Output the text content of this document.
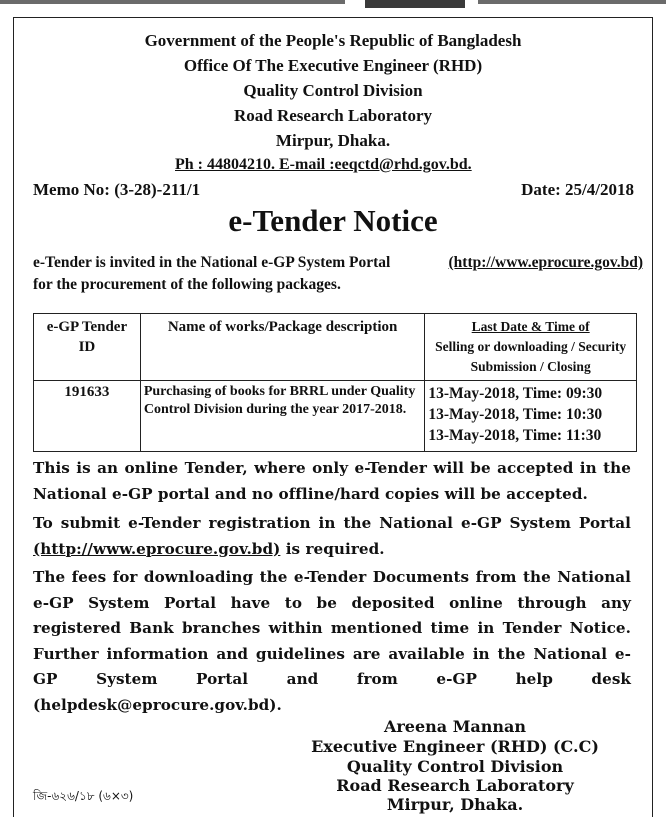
Government of the People's Republic of Bangladesh
Office Of The Executive Engineer (RHD)
Quality Control Division
Road Research Laboratory
Mirpur, Dhaka.
Ph : 44804210. E-mail :eeqctd@rhd.gov.bd.
Memo No: (3-28)-211/1	Date: 25/4/2018
e-Tender Notice
e-Tender is invited in the National e-GP System Portal	(http://www.eprocure.gov.bd)
for the procurement of the following packages.
e-GP Tender ID	Name of works/Package description	Last Date & Time of
Selling or downloading / Security Submission / Closing
191633	Purchasing of books for BRRL under Quality Control Division during the year 2017-2018.	13-May-2018, Time: 09:30
13-May-2018, Time: 10:30
13-May-2018, Time: 11:30
This is an online Tender, where only e-Tender will be accepted in the National e-GP portal and no offline/hard copies will be accepted.
To submit e-Tender registration in the National e-GP System Portal (http://www.eprocure.gov.bd) is required.
The fees for downloading the e-Tender Documents from the National e-GP System Portal have to be deposited online through any registered Bank branches within mentioned time in Tender Notice. Further information and guidelines are available in the National e-GP System Portal and from e-GP help desk (helpdesk@eprocure.gov.bd).
Areena Mannan
Executive Engineer (RHD) (C.C)
Quality Control Division
Road Research Laboratory
Mirpur, Dhaka.
জি-৬২৬/১৮ (৬×৩)
